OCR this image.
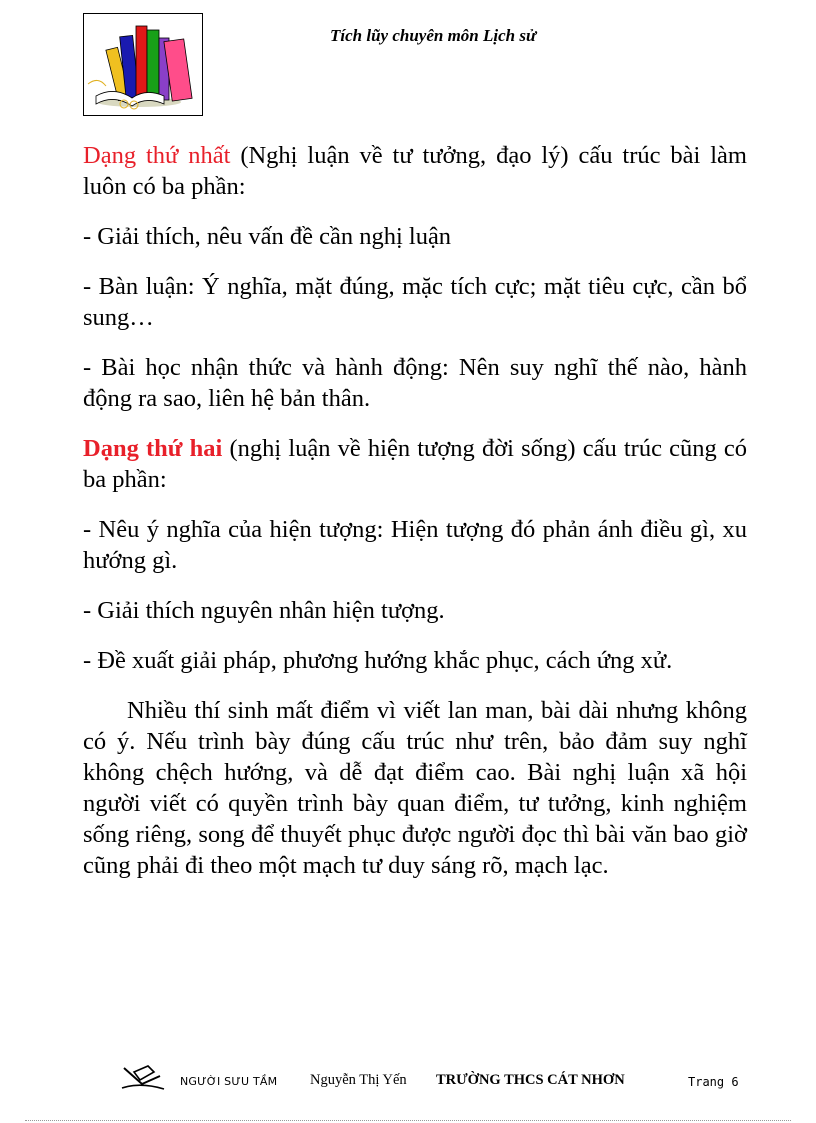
Tích lũy chuyên môn Lịch sử

Dạng thứ nhất (Nghị luận về tư tưởng, đạo lý) cấu trúc bài làm luôn có ba phần:

- Giải thích, nêu vấn đề cần nghị luận

- Bàn luận: Ý nghĩa, mặt đúng, mặc tích cực; mặt tiêu cực, cần bổ sung…

- Bài học nhận thức và hành động: Nên suy nghĩ thế nào, hành động ra sao, liên hệ bản thân.

Dạng thứ hai (nghị luận về hiện tượng đời sống) cấu trúc cũng có ba phần:

- Nêu ý nghĩa của hiện tượng: Hiện tượng đó phản ánh điều gì, xu hướng gì.

- Giải thích nguyên nhân hiện tượng.

- Đề xuất giải pháp, phương hướng khắc phục, cách ứng xử.

Nhiều thí sinh mất điểm vì viết lan man, bài dài nhưng không có ý. Nếu trình bày đúng cấu trúc như trên, bảo đảm suy nghĩ không chệch hướng, và dễ đạt điểm cao. Bài nghị luận xã hội người viết có quyền trình bày quan điểm, tư tưởng, kinh nghiệm sống riêng, song để thuyết phục được người đọc thì bài văn bao giờ cũng phải đi theo một mạch tư duy sáng rõ, mạch lạc.

NGƯỜI SƯU TẦM Nguyễn Thị Yến TRƯỜNG THCS CÁT NHƠN	Trang 6
